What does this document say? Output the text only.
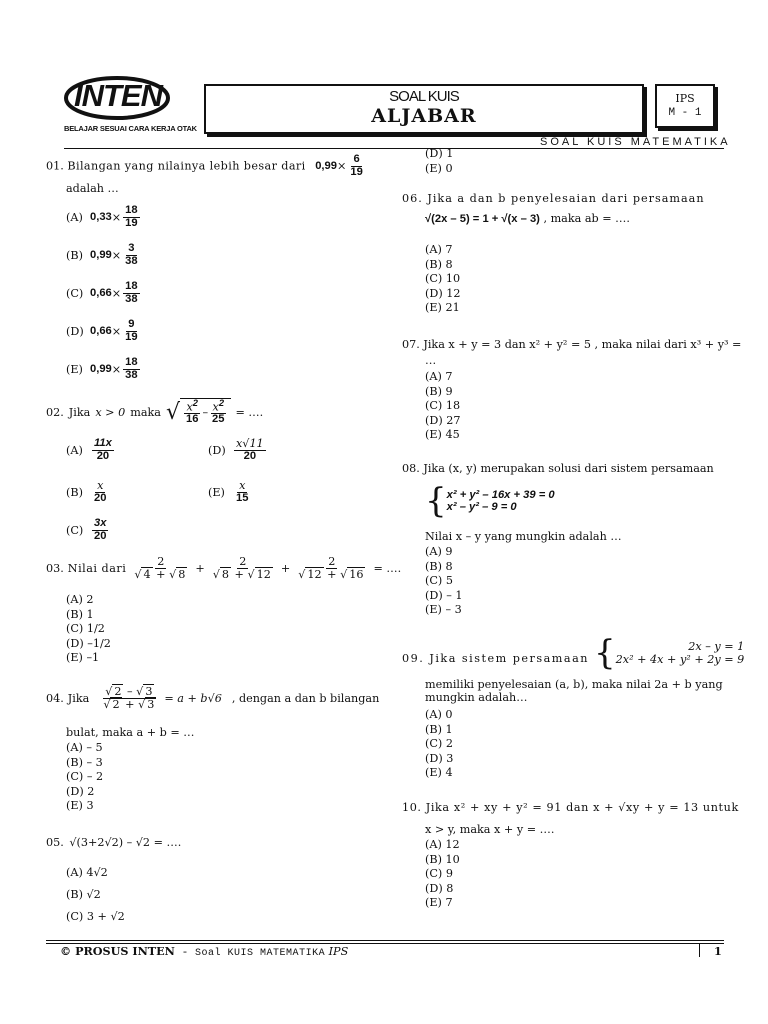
INTEN
BELAJAR SESUAI CARA KERJA OTAK
SOAL KUIS
ALJABAR
IPS
M - 1
SOAL KUIS MATEMATIKA
01. Bilangan yang nilainya lebih besar dari $0,99\times \frac{6}{19}$
adalah …
(A) $0,33 \times \frac{18}{19}$
(B) $0,99 \times \frac{3}{38}$
(C) $0,66 \times \frac{18}{38}$
(D) $0,66 \times \frac{9}{19}$
(E) $0,99 \times \frac{18}{38}$
02. Jika x > 0 maka √ $\frac{x^2}{16} - \frac{x^2}{25}$ = ….
$(A) \frac{11x}{20}$
$(B) \frac{x}{20}$
$(C) \frac{3x}{20}$
$(D) \frac{x√11}{20}$
$(E) \frac{x}{15}$
03. Nilai dari $\frac{2}{√ 4 + √ 8} + \frac{2}{√ 8 + √ 12} + \frac{2}{√ 12 + √ 16}$ = ….
(A) 2
(B) 1
(C) 1/2
(D) –1/2
(E) –1
04. Jika $\frac{√ 2 - √ 3}{√ 2 + √ 3} = a + b√6$ , dengan a dan b bilangan
bulat, maka a + b = …
(A) – 5
(B) – 3
(C) – 2
(D) 2
(E) 3
05. √(3+2√2) – √2 = ….
(A) 4√2
(B) √2
(C) 3 + √2
(D) 1
(E) 0
06. Jika a dan b penyelesaian dari persamaan
√(2x – 5) = 1 + √(x – 3) , maka ab = ….
(A) 7
(B) 8
(C) 10
(D) 12
(E) 21
07. Jika x + y = 3 dan x² + y² = 5 , maka nilai dari x³ + y³ =
…
(A) 7
(B) 9
(C) 18
(D) 27
(E) 45
08. Jika (x, y) merupakan solusi dari sistem persamaan
{ x² + y² – 16x + 39 = 0
x² – y² – 9 = 0
Nilai x – y yang mungkin adalah …
(A) 9
(B) 8
(C) 5
(D) – 1
(E) – 3
09. Jika sistem persamaan {	2x – y = 1
2x² + 4x + y² + 2y = 9
memiliki penyelesaian (a, b), maka nilai 2a + b yang
mungkin adalah…
(A) 0
(B) 1
(C) 2
(D) 3
(E) 4
10. Jika x² + xy + y² = 91 dan x + √xy + y = 13 untuk
x > y, maka x + y = ….
(A) 12
(B) 10
(C) 9
(D) 8
(E) 7
© PROSUS INTEN - Soal KUIS MATEMATIKA IPS	1
